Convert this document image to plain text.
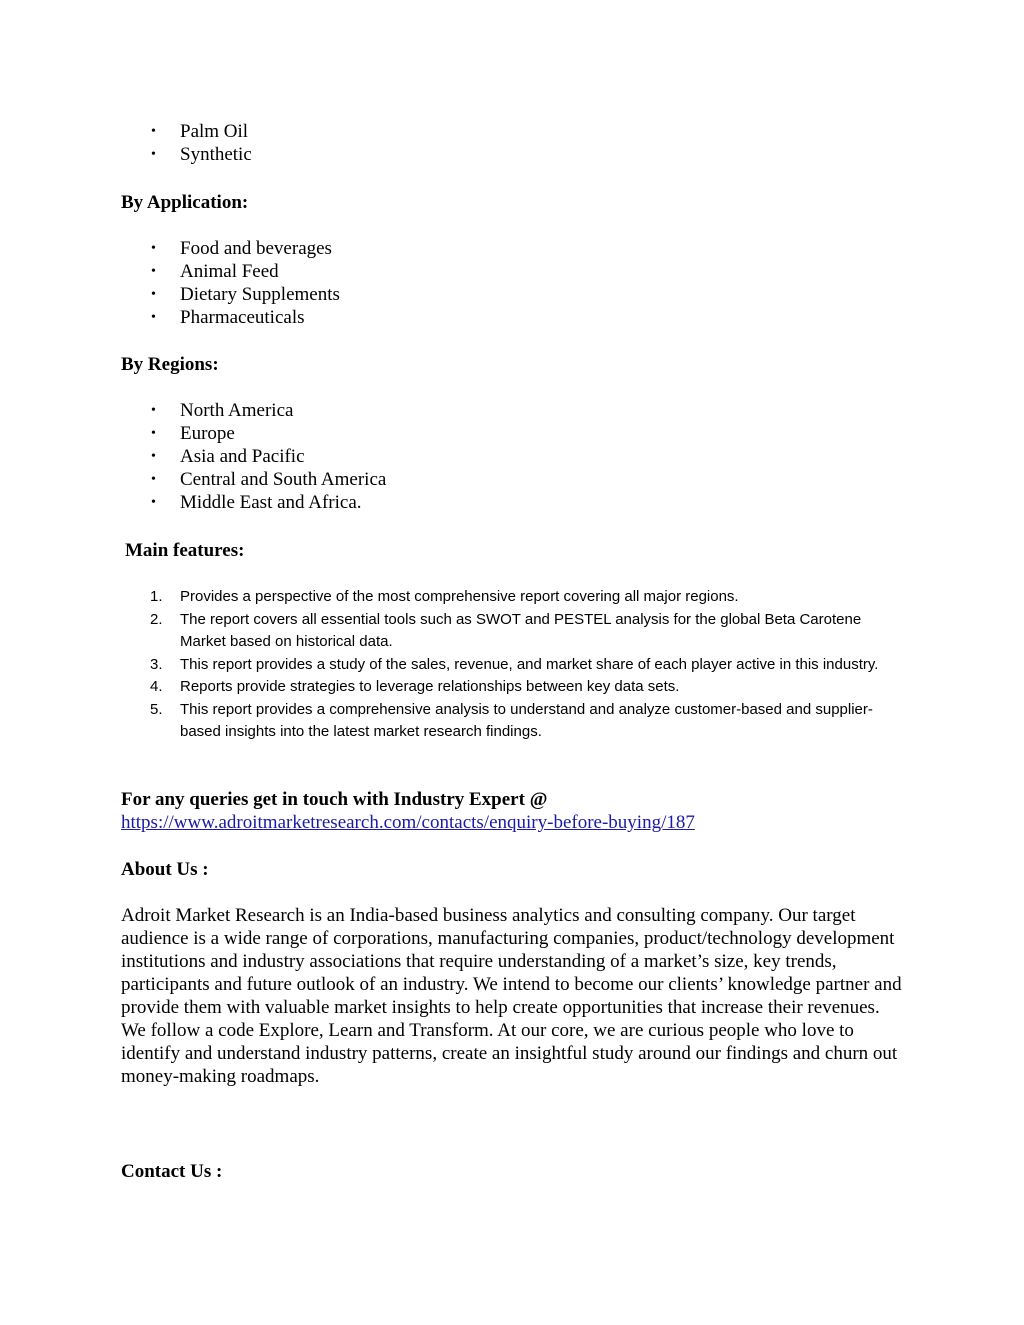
• Palm Oil
• Synthetic
By Application:
• Food and beverages
• Animal Feed
• Dietary Supplements
• Pharmaceuticals
By Regions:
• North America
• Europe
• Asia and Pacific
• Central and South America
• Middle East and Africa.
Main features:
1. Provides a perspective of the most comprehensive report covering all major regions.
2. The report covers all essential tools such as SWOT and PESTEL analysis for the global Beta Carotene Market based on historical data.
3. This report provides a study of the sales, revenue, and market share of each player active in this industry.
4. Reports provide strategies to leverage relationships between key data sets.
5. This report provides a comprehensive analysis to understand and analyze customer-based and supplier-based insights into the latest market research findings.
For any queries get in touch with Industry Expert @
https://www.adroitmarketresearch.com/contacts/enquiry-before-buying/187
About Us :
Adroit Market Research is an India-based business analytics and consulting company. Our target audience is a wide range of corporations, manufacturing companies, product/technology development institutions and industry associations that require understanding of a market’s size, key trends, participants and future outlook of an industry. We intend to become our clients’ knowledge partner and provide them with valuable market insights to help create opportunities that increase their revenues. We follow a code Explore, Learn and Transform. At our core, we are curious people who love to identify and understand industry patterns, create an insightful study around our findings and churn out money-making roadmaps.
Contact Us :
